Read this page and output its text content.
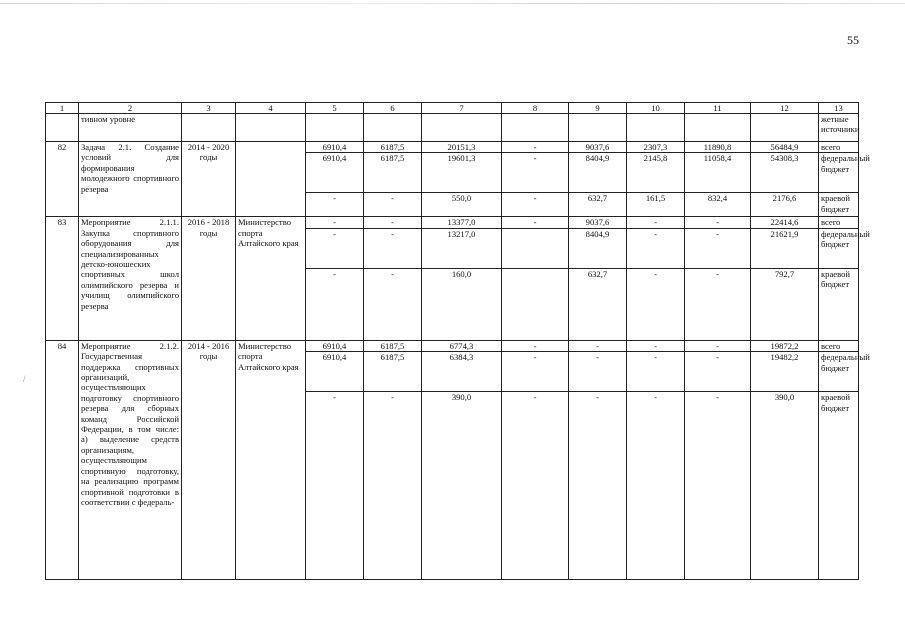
55
/
1	2	3	4	5	6	7	8	9	10	11	12	13
	тивном уровне											жетные источники
82	Задача 2.1. Создание условий для формирования молодежного спортивного резерва	2014 - 2020 годы		6910,4	6187,5	20151,3	-	9037,6	2307,3	11890,8	56484,9	всего
				6910,4	6187,5	19601,3	-	8404,9	2145,8	11058,4	54308,3	федеральный бюджет
				-	-	550,0	-	632,7	161,5	832,4	2176,6	краевой бюджет
83	Мероприятие 2.1.1. Закупка спортивного оборудования для специализированных детско-юношеских спортивных школ олимпийского резерва и училищ олимпийского резерва	2016 - 2018 годы	Министерство спорта Алтайского края	-	-	13377,0	-	9037,6	-	-	22414,6	всего
				-	-	13217,0		8404,9	-	-	21621,9	федеральный бюджет
				-	-	160,0		632,7	-	-	792,7	краевой бюджет
84	Мероприятие 2.1.2. Государственная поддержка спортивных организаций, осуществляющих подготовку спортивного резерва для сборных команд Российской Федерации, в том числе: а) выделение средств организациям, осуществляющим спортивную подготовку, на реализацию программ спортивной подготовки в соответствии с федераль-	2014 - 2016 годы	Министерство спорта Алтайского края	6910,4	6187,5	6774,3	-	-	-	-	19872,2	всего
				6910,4	6187,5	6384,3	-	-	-	-	19482,2	федеральный бюджет
				-	-	390,0	-	-	-	-	390,0	краевой бюджет
